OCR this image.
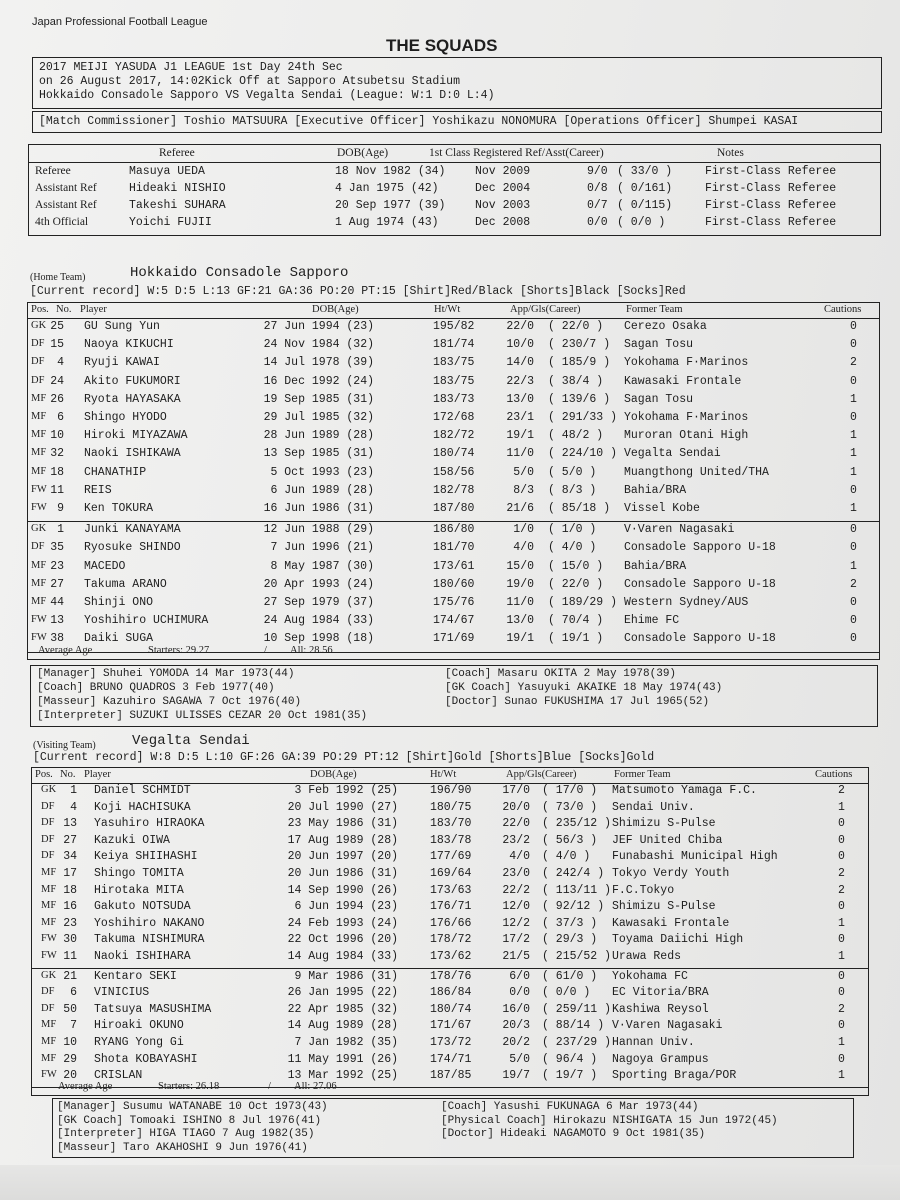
Japan Professional Football League
THE SQUADS
2017 MEIJI YASUDA J1 LEAGUE 1st Day 24th Sec
on 26 August 2017, 14:02Kick Off at Sapporo Atsubetsu Stadium
Hokkaido Consadole Sapporo VS Vegalta Sendai (League: W:1 D:0 L:4)
[Match Commissioner] Toshio MATSUURA [Executive Officer] Yoshikazu NONOMURA [Operations Officer] Shumpei KASAI
Referee	DOB(Age)	1st Class Registered Ref/Asst(Career)	Notes
Referee	Masuya UEDA	18 Nov 1982 (34)	Nov 2009	9/0 ( 33/0 )	First-Class Referee
Assistant Ref	Hideaki NISHIO	4 Jan 1975 (42)	Dec 2004	0/8 ( 0/161)	First-Class Referee
Assistant Ref	Takeshi SUHARA	20 Sep 1977 (39)	Nov 2003	0/7 ( 0/115)	First-Class Referee
4th Official	Yoichi FUJII	1 Aug 1974 (43)	Dec 2008	0/0 ( 0/0 )	First-Class Referee
(Home Team)	Hokkaido Consadole Sapporo
[Current record] W:5 D:5 L:13 GF:21 GA:36 PO:20 PT:15 [Shirt]Red/Black [Shorts]Black [Socks]Red
Pos. No. Player	DOB(Age)	Ht/Wt	App/Gls(Career)	Former Team	Cautions
GK 25 GU Sung Yun	27 Jun 1994 (23)	195/82	22/0 ( 22/0 ) Cerezo Osaka	0
DF 15 Naoya KIKUCHI	24 Nov 1984 (32)	181/74	10/0 ( 230/7 ) Sagan Tosu	0
DF	4 Ryuji KAWAI	14 Jul 1978 (39)	183/75	14/0 ( 185/9 ) Yokohama F·Marinos	2
DF 24 Akito FUKUMORI	16 Dec 1992 (24)	183/75	22/3 ( 38/4 ) Kawasaki Frontale	0
MF 26 Ryota HAYASAKA	19 Sep 1985 (31)	183/73	13/0 ( 139/6 ) Sagan Tosu	1
MF 6 Shingo HYODO	29 Jul 1985 (32)	172/68	23/1 ( 291/33 ) Yokohama F·Marinos	0
MF 10 Hiroki MIYAZAWA	28 Jun 1989 (28)	182/72	19/1 ( 48/2 ) Muroran Otani High	1
MF 32 Naoki ISHIKAWA	13 Sep 1985 (31)	180/74	11/0 ( 224/10 ) Vegalta Sendai	1
MF 18 CHANATHIP	5 Oct 1993 (23)	158/56	5/0 ( 5/0 ) Muangthong United/THA	1
FW 11 REIS	6 Jun 1989 (28)	182/78	8/3 ( 8/3 ) Bahia/BRA	0
FW 9 Ken TOKURA	16 Jun 1986 (31)	187/80	21/6 ( 85/18 ) Vissel Kobe	1
GK 1 Junki KANAYAMA	12 Jun 1988 (29)	186/80	1/0 ( 1/0 ) V·Varen Nagasaki	0
DF 35 Ryosuke SHINDO	7 Jun 1996 (21)	181/70	4/0 ( 4/0 ) Consadole Sapporo U-18	0
MF 23 MACEDO	8 May 1987 (30)	173/61	15/0 ( 15/0 ) Bahia/BRA	1
MF 27 Takuma ARANO	20 Apr 1993 (24)	180/60	19/0 ( 22/0 ) Consadole Sapporo U-18	2
MF 44 Shinji ONO	27 Sep 1979 (37)	175/76	11/0 ( 189/29 ) Western Sydney/AUS	0
FW 13 Yoshihiro UCHIMURA	24 Aug 1984 (33)	174/67	13/0 ( 70/4 ) Ehime FC	0
FW 38 Daiki SUGA	10 Sep 1998 (18)	171/69	19/1 ( 19/1 ) Consadole Sapporo U-18	0
Average Age	Starters: 29.27	/ All: 28.56
[Manager] Shuhei YOMODA 14 Mar 1973(44)
[Coach] BRUNO QUADROS 3 Feb 1977(40)
[Masseur] Kazuhiro SAGAWA 7 Oct 1976(40)
[Interpreter] SUZUKI ULISSES CEZAR 20 Oct 1981(35)
[Coach] Masaru OKITA 2 May 1978(39)
[GK Coach] Yasuyuki AKAIKE 18 May 1974(43)
[Doctor] Sunao FUKUSHIMA 17 Jul 1965(52)
(Visiting Team)	Vegalta Sendai
[Current record] W:8 D:5 L:10 GF:26 GA:39 PO:29 PT:12 [Shirt]Gold [Shorts]Blue [Socks]Gold
Pos. No. Player	DOB(Age)	Ht/Wt	App/Gls(Career)	Former Team	Cautions
GK	1 Daniel SCHMIDT	3 Feb 1992 (25)	196/90	17/0 ( 17/0 ) Matsumoto Yamaga F.C.	2
DF	4 Koji HACHISUKA	20 Jul 1990 (27)	180/75	20/0 ( 73/0 ) Sendai Univ.	1
DF 13 Yasuhiro HIRAOKA	23 May 1986 (31)	183/70	22/0 ( 235/12 ) Shimizu S-Pulse	0
DF 27 Kazuki OIWA	17 Aug 1989 (28)	183/78	23/2 ( 56/3 ) JEF United Chiba	0
DF 34 Keiya SHIIHASHI	20 Jun 1997 (20)	177/69	4/0 ( 4/0 ) Funabashi Municipal High	0
MF 17 Shingo TOMITA	20 Jun 1986 (31)	169/64	23/0 ( 242/4 ) Tokyo Verdy Youth	2
MF 18 Hirotaka MITA	14 Sep 1990 (26)	173/63	22/2 ( 113/11 ) F.C.Tokyo	2
MF 16 Gakuto NOTSUDA	6 Jun 1994 (23)	176/71	12/0 ( 92/12 ) Shimizu S-Pulse	0
MF 23 Yoshihiro NAKANO	24 Feb 1993 (24)	176/66	12/2 ( 37/3 ) Kawasaki Frontale	1
FW 30 Takuma NISHIMURA	22 Oct 1996 (20)	178/72	17/2 ( 29/3 ) Toyama Daiichi High	0
FW 11 Naoki ISHIHARA	14 Aug 1984 (33)	173/62	21/5 ( 215/52 ) Urawa Reds	1
GK 21 Kentaro SEKI	9 Mar 1986 (31)	178/76	6/0 ( 61/0 ) Yokohama FC	0
DF	6 VINICIUS	26 Jan 1995 (22)	186/84	0/0 ( 0/0 ) EC Vitoria/BRA	0
DF 50 Tatsuya MASUSHIMA	22 Apr 1985 (32)	180/74	16/0 ( 259/11 ) Kashiwa Reysol	2
MF	7 Hiroaki OKUNO	14 Aug 1989 (28)	171/67	20/3 ( 88/14 ) V·Varen Nagasaki	0
MF 10 RYANG Yong Gi	7 Jan 1982 (35)	173/72	20/2 ( 237/29 ) Hannan Univ.	1
MF 29 Shota KOBAYASHI	11 May 1991 (26)	174/71	5/0 ( 96/4 ) Nagoya Grampus	0
FW 20 CRISLAN	13 Mar 1992 (25)	187/85	19/7 ( 19/7 ) Sporting Braga/POR	1
Average Age	Starters: 26.18	/ All: 27.06
[Manager] Susumu WATANABE 10 Oct 1973(43)
[GK Coach] Tomoaki ISHINO 8 Jul 1976(41)
[Interpreter] HIGA TIAGO 7 Aug 1982(35)
[Masseur] Taro AKAHOSHI 9 Jun 1976(41)
[Coach] Yasushi FUKUNAGA 6 Mar 1973(44)
[Physical Coach] Hirokazu NISHIGATA 15 Jun 1972(45)
[Doctor] Hideaki NAGAMOTO 9 Oct 1981(35)
